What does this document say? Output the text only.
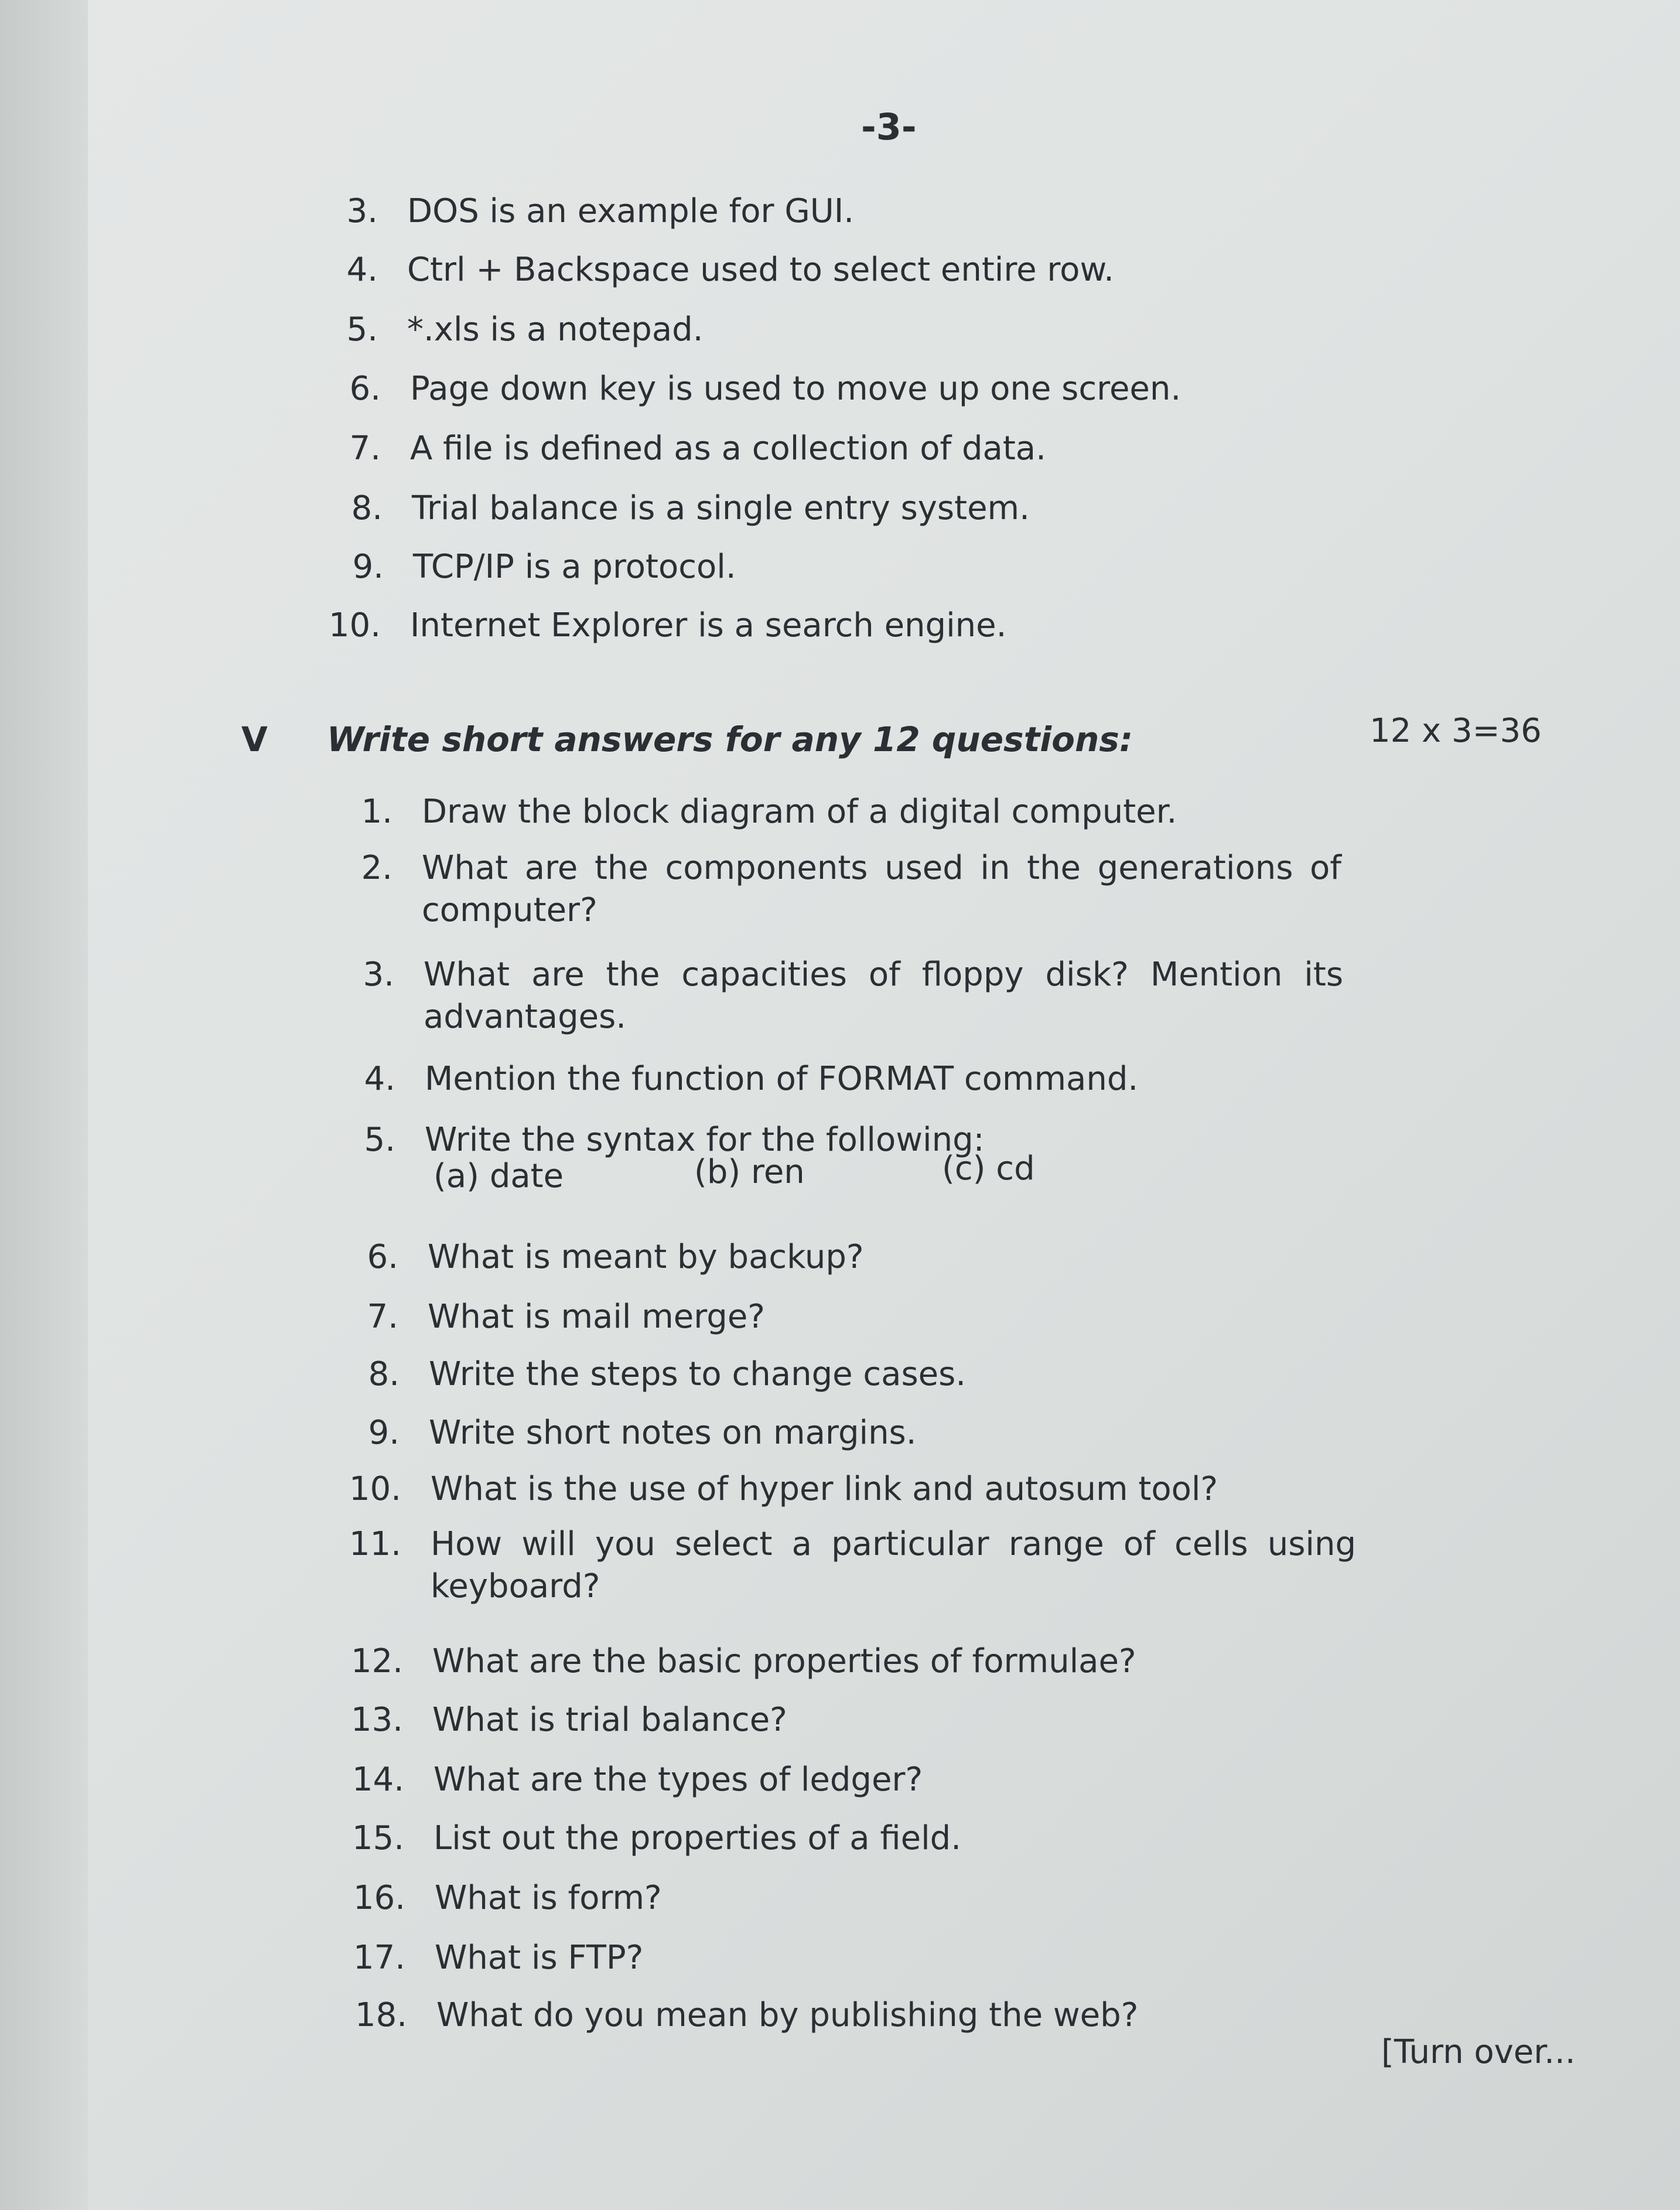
-3-
3. DOS is an example for GUI.
4. Ctrl + Backspace used to select entire row.
5. *.xls is a notepad.
6. Page down key is used to move up one screen.
7. A file is defined as a collection of data.
8. Trial balance is a single entry system.
9. TCP/IP is a protocol.
10. Internet Explorer is a search engine.
V Write short answers for any 12 questions:	12 x 3=36
1. Draw the block diagram of a digital computer.
2. What are the components used in the generations of computer?
3. What are the capacities of floppy disk? Mention its advantages.
4. Mention the function of FORMAT command.
5. Write the syntax for the following:
(a) date	(b) ren	(c) cd
6. What is meant by backup?
7. What is mail merge?
8. Write the steps to change cases.
9. Write short notes on margins.
10. What is the use of hyper link and autosum tool?
11. How will you select a particular range of cells using keyboard?
12. What are the basic properties of formulae?
13. What is trial balance?
14. What are the types of ledger?
15. List out the properties of a field.
16. What is form?
17. What is FTP?
18. What do you mean by publishing the web?
[Turn over...
